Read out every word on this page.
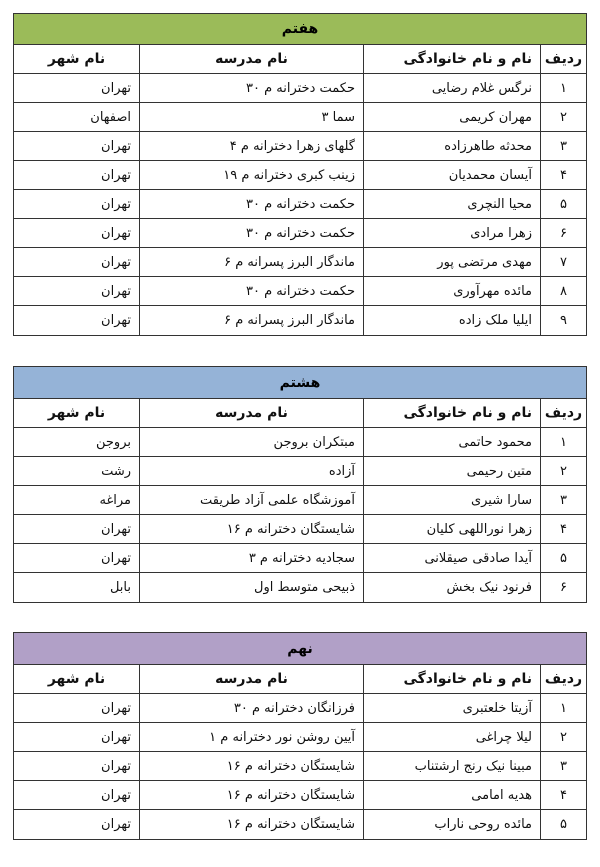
هفتم
ردیف
نام و نام خانوادگی
نام مدرسه
نام شهر
۱
نرگس غلام رضایی
حکمت دخترانه م ۳۰
تهران
۲
مهران کریمی
سما ۳
اصفهان
۳
محدثه طاهرزاده
گلهای زهرا دخترانه م ۴
تهران
۴
آیسان محمدیان
زینب کبری دخترانه م ۱۹
تهران
۵
محیا النچری
حکمت دخترانه م ۳۰
تهران
۶
زهرا مرادی
حکمت دخترانه م ۳۰
تهران
۷
مهدی مرتضی پور
ماندگار البرز پسرانه م ۶
تهران
۸
مائده مهرآوری
حکمت دخترانه م ۳۰
تهران
۹
ایلیا ملک زاده
ماندگار البرز پسرانه م ۶
تهران
هشتم
ردیف
نام و نام خانوادگی
نام مدرسه
نام شهر
۱
محمود حاتمی
مبتکران بروجن
بروجن
۲
متین رحیمی
آزاده
رشت
۳
سارا شیری
آموزشگاه علمی آزاد طریقت
مراغه
۴
زهرا نوراللهی کلیان
شایستگان دخترانه م ۱۶
تهران
۵
آیدا صادقی صیقلانی
سجادیه دخترانه م ۳
تهران
۶
فرنود نیک بخش
ذبیحی متوسط اول
بابل
نهم
ردیف
نام و نام خانوادگی
نام مدرسه
نام شهر
۱
آزیتا خلعتبری
فرزانگان دخترانه م ۳۰
تهران
۲
لیلا چراغی
آیین روشن نور دخترانه م ۱
تهران
۳
مبینا نیک رنج ارشتناب
شایستگان دخترانه م ۱۶
تهران
۴
هدیه امامی
شایستگان دخترانه م ۱۶
تهران
۵
مائده روحی ناراب
شایستگان دخترانه م ۱۶
تهران
